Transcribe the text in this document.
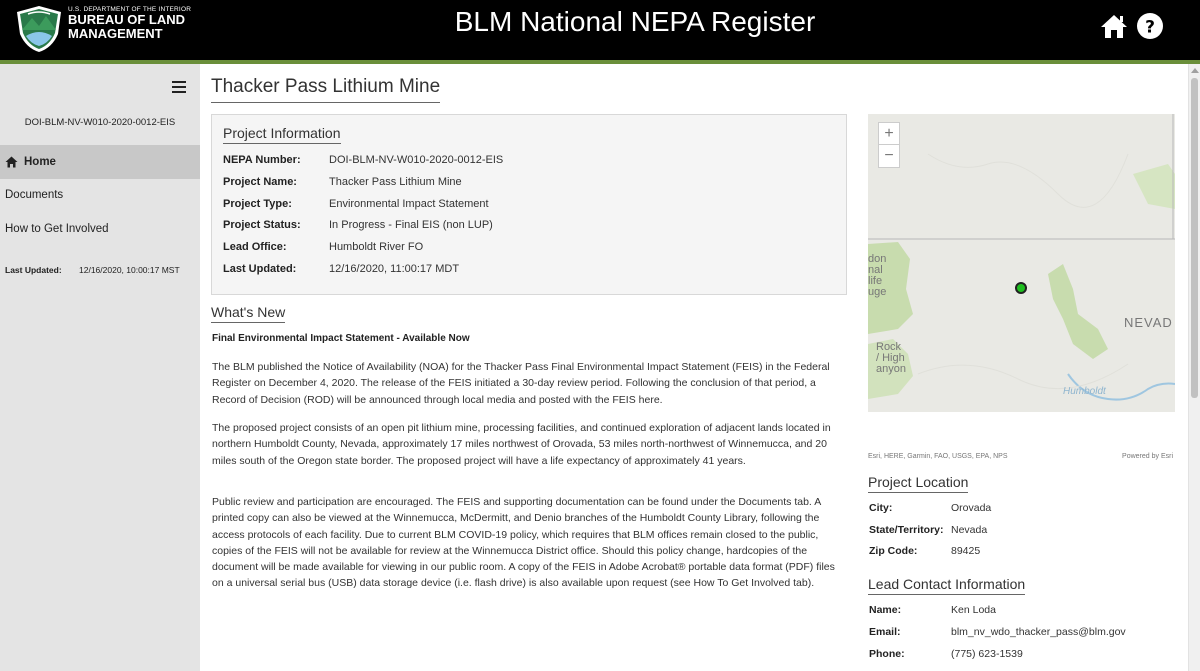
U.S. DEPARTMENT OF THE INTERIOR
BUREAU OF LAND
MANAGEMENT	BLM National NEPA Register	?
DOI-BLM-NV-W010-2020-0012-EIS
Home
Documents
How to Get Involved
Last Updated:	12/16/2020, 10:00:17 MST
Thacker Pass Lithium Mine
Project Information
NEPA Number:	DOI-BLM-NV-W010-2020-0012-EIS
Project Name:	Thacker Pass Lithium Mine
Project Type:	Environmental Impact Statement
Project Status:	In Progress - Final EIS (non LUP)
Lead Office:	Humboldt River FO
Last Updated:	12/16/2020, 11:00:17 MDT
What's New
Final Environmental Impact Statement - Available Now

The BLM published the Notice of Availability (NOA) for the Thacker Pass Final Environmental Impact Statement (FEIS) in the Federal Register on December 4, 2020. The release of the FEIS initiated a 30-day review period. Following the conclusion of that period, a Record of Decision (ROD) will be announced through local media and posted with the FEIS here.

The proposed project consists of an open pit lithium mine, processing facilities, and continued exploration of adjacent lands located in northern Humboldt County, Nevada, approximately 17 miles northwest of Orovada, 53 miles north-northwest of Winnemucca, and 20 miles south of the Oregon state border. The proposed project will have a life expectancy of approximately 41 years.

Public review and participation are encouraged. The FEIS and supporting documentation can be found under the Documents tab. A printed copy can also be viewed at the Winnemucca, McDermitt, and Denio branches of the Humboldt County Library, following the access protocols of each facility. Due to current BLM COVID-19 policy, which requires that BLM offices remain closed to the public, copies of the FEIS will not be available for review at the Winnemucca District office. Should this policy change, hardcopies of the document will be made available for viewing in our public room. A copy of the FEIS in Adobe Acrobat® portable data format (PDF) files on a universal serial bus (USB) data storage device (i.e. flash drive) is also available upon request (see How To Get Involved tab).

+
−
don
nal
life
uge
NEVAD
Rock
/ High
anyon
Humboldt
Esri, HERE, Garmin, FAO, USGS, EPA, NPS	Powered by Esri
Project Location
City:	Orovada
State/Territory: Nevada
Zip Code:	89425
Lead Contact Information
Name:	Ken Loda
Email:	blm_nv_wdo_thacker_pass@blm.gov
Phone:	(775) 623-1539
